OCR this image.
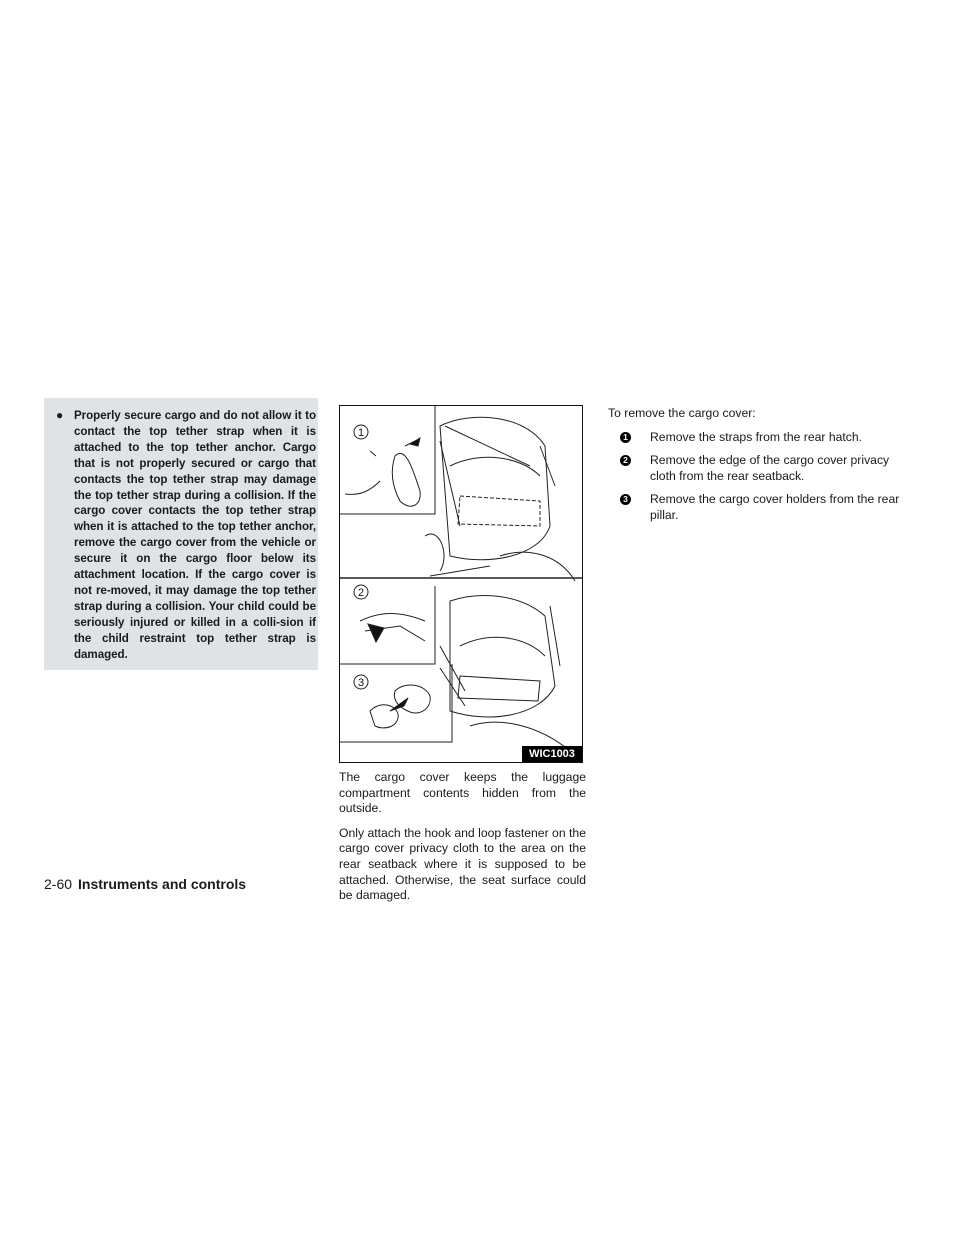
● Properly secure cargo and do not allow it to contact the top tether strap when it is attached to the top tether anchor. Cargo that is not properly secured or cargo that contacts the top tether strap may damage the top tether strap during a collision. If the cargo cover contacts the top tether strap when it is attached to the top tether anchor, remove the cargo cover from the vehicle or secure it on the cargo floor below its attachment location. If the cargo cover is not re-moved, it may damage the top tether strap during a collision. Your child could be seriously injured or killed in a colli-sion if the child restraint top tether strap is damaged.
1
2
3
WIC1003

The cargo cover keeps the luggage compartment contents hidden from the outside.

Only attach the hook and loop fastener on the cargo cover privacy cloth to the area on the rear seatback where it is supposed to be attached. Otherwise, the seat surface could be damaged.

To remove the cargo cover:

1 Remove the straps from the rear hatch.
2 Remove the edge of the cargo cover privacy cloth from the rear seatback.
3 Remove the cargo cover holders from the rear pillar.
2-60 Instruments and controls
